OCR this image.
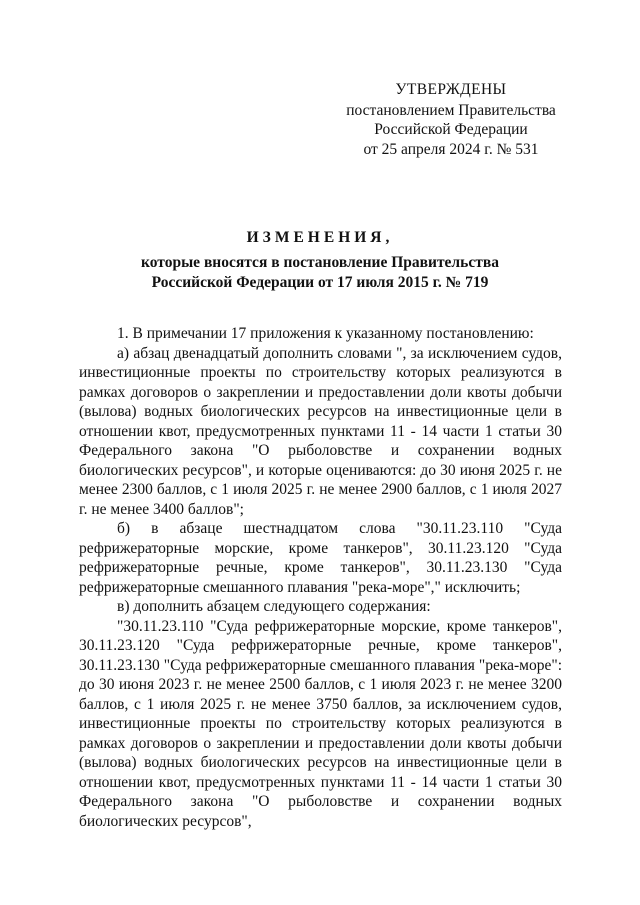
УТВЕРЖДЕНЫ
постановлением Правительства
Российской Федерации
от 25 апреля 2024 г. № 531
ИЗМЕНЕНИЯ,
которые вносятся в постановление Правительства
Российской Федерации от 17 июля 2015 г. № 719

1. В примечании 17 приложения к указанному постановлению:

а) абзац двенадцатый дополнить словами ", за исключением судов, инвестиционные проекты по строительству которых реализуются в рамках договоров о закреплении и предоставлении доли квоты добычи (вылова) водных биологических ресурсов на инвестиционные цели в отношении квот, предусмотренных пунктами 11 - 14 части 1 статьи 30 Федерального закона "О рыболовстве и сохранении водных биологических ресурсов", и которые оцениваются: до 30 июня 2025 г. не менее 2300 баллов, с 1 июля 2025 г. не менее 2900 баллов, с 1 июля 2027 г. не менее 3400 баллов";

б) в абзаце шестнадцатом слова "30.11.23.110 "Суда рефрижераторные морские, кроме танкеров", 30.11.23.120 "Суда рефрижераторные речные, кроме танкеров", 30.11.23.130 "Суда рефрижераторные смешанного плавания "река-море"," исключить;

в) дополнить абзацем следующего содержания:

"30.11.23.110 "Суда рефрижераторные морские, кроме танкеров", 30.11.23.120 "Суда рефрижераторные речные, кроме танкеров", 30.11.23.130 "Суда рефрижераторные смешанного плавания "река-море": до 30 июня 2023 г. не менее 2500 баллов, с 1 июля 2023 г. не менее 3200 баллов, с 1 июля 2025 г. не менее 3750 баллов, за исключением судов, инвестиционные проекты по строительству которых реализуются в рамках договоров о закреплении и предоставлении доли квоты добычи (вылова) водных биологических ресурсов на инвестиционные цели в отношении квот, предусмотренных пунктами 11 - 14 части 1 статьи 30 Федерального закона "О рыболовстве и сохранении водных биологических ресурсов",
